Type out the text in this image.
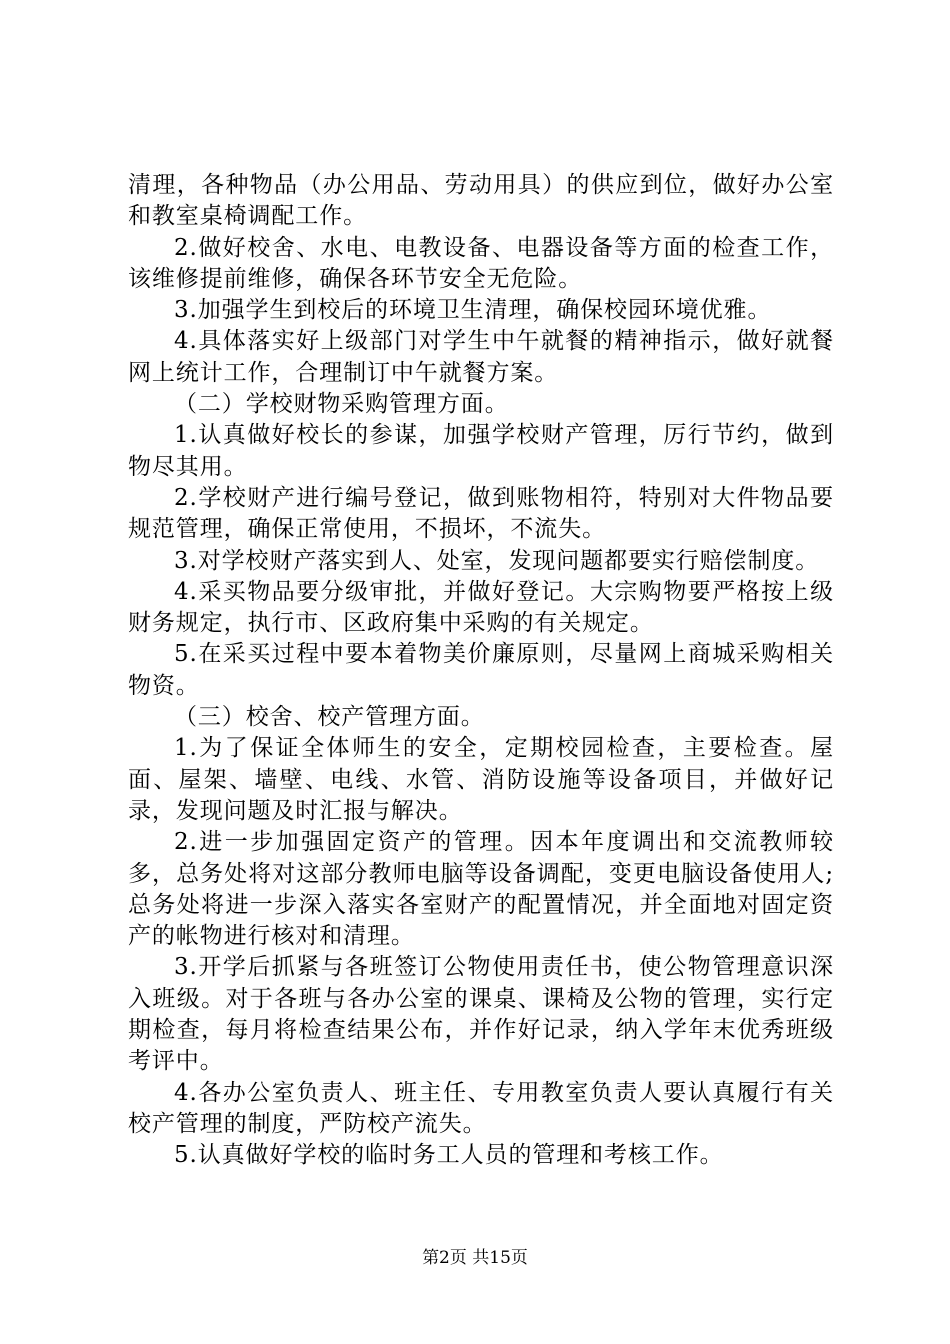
清理，各种物品（办公用品、劳动用具）的供应到位，做好办公室和教室桌椅调配工作。

2.做好校舍、水电、电教设备、电器设备等方面的检查工作，该维修提前维修，确保各环节安全无危险。

3.加强学生到校后的环境卫生清理，确保校园环境优雅。

4.具体落实好上级部门对学生中午就餐的精神指示，做好就餐网上统计工作，合理制订中午就餐方案。

（二）学校财物采购管理方面。

1.认真做好校长的参谋，加强学校财产管理，厉行节约，做到物尽其用。

2.学校财产进行编号登记，做到账物相符，特别对大件物品要规范管理，确保正常使用，不损坏，不流失。

3.对学校财产落实到人、处室，发现问题都要实行赔偿制度。

4.采买物品要分级审批，并做好登记。大宗购物要严格按上级财务规定，执行市、区政府集中采购的有关规定。

5.在采买过程中要本着物美价廉原则，尽量网上商城采购相关物资。

（三）校舍、校产管理方面。

1.为了保证全体师生的安全，定期校园检查，主要检查。屋面、屋架、墙壁、电线、水管、消防设施等设备项目，并做好记录，发现问题及时汇报与解决。

2.进一步加强固定资产的管理。因本年度调出和交流教师较多，总务处将对这部分教师电脑等设备调配，变更电脑设备使用人;总务处将进一步深入落实各室财产的配置情况，并全面地对固定资产的帐物进行核对和清理。

3.开学后抓紧与各班签订公物使用责任书，使公物管理意识深入班级。对于各班与各办公室的课桌、课椅及公物的管理，实行定期检查，每月将检查结果公布，并作好记录，纳入学年末优秀班级考评中。

4.各办公室负责人、班主任、专用教室负责人要认真履行有关校产管理的制度，严防校产流失。

5.认真做好学校的临时务工人员的管理和考核工作。

第2页 共15页
